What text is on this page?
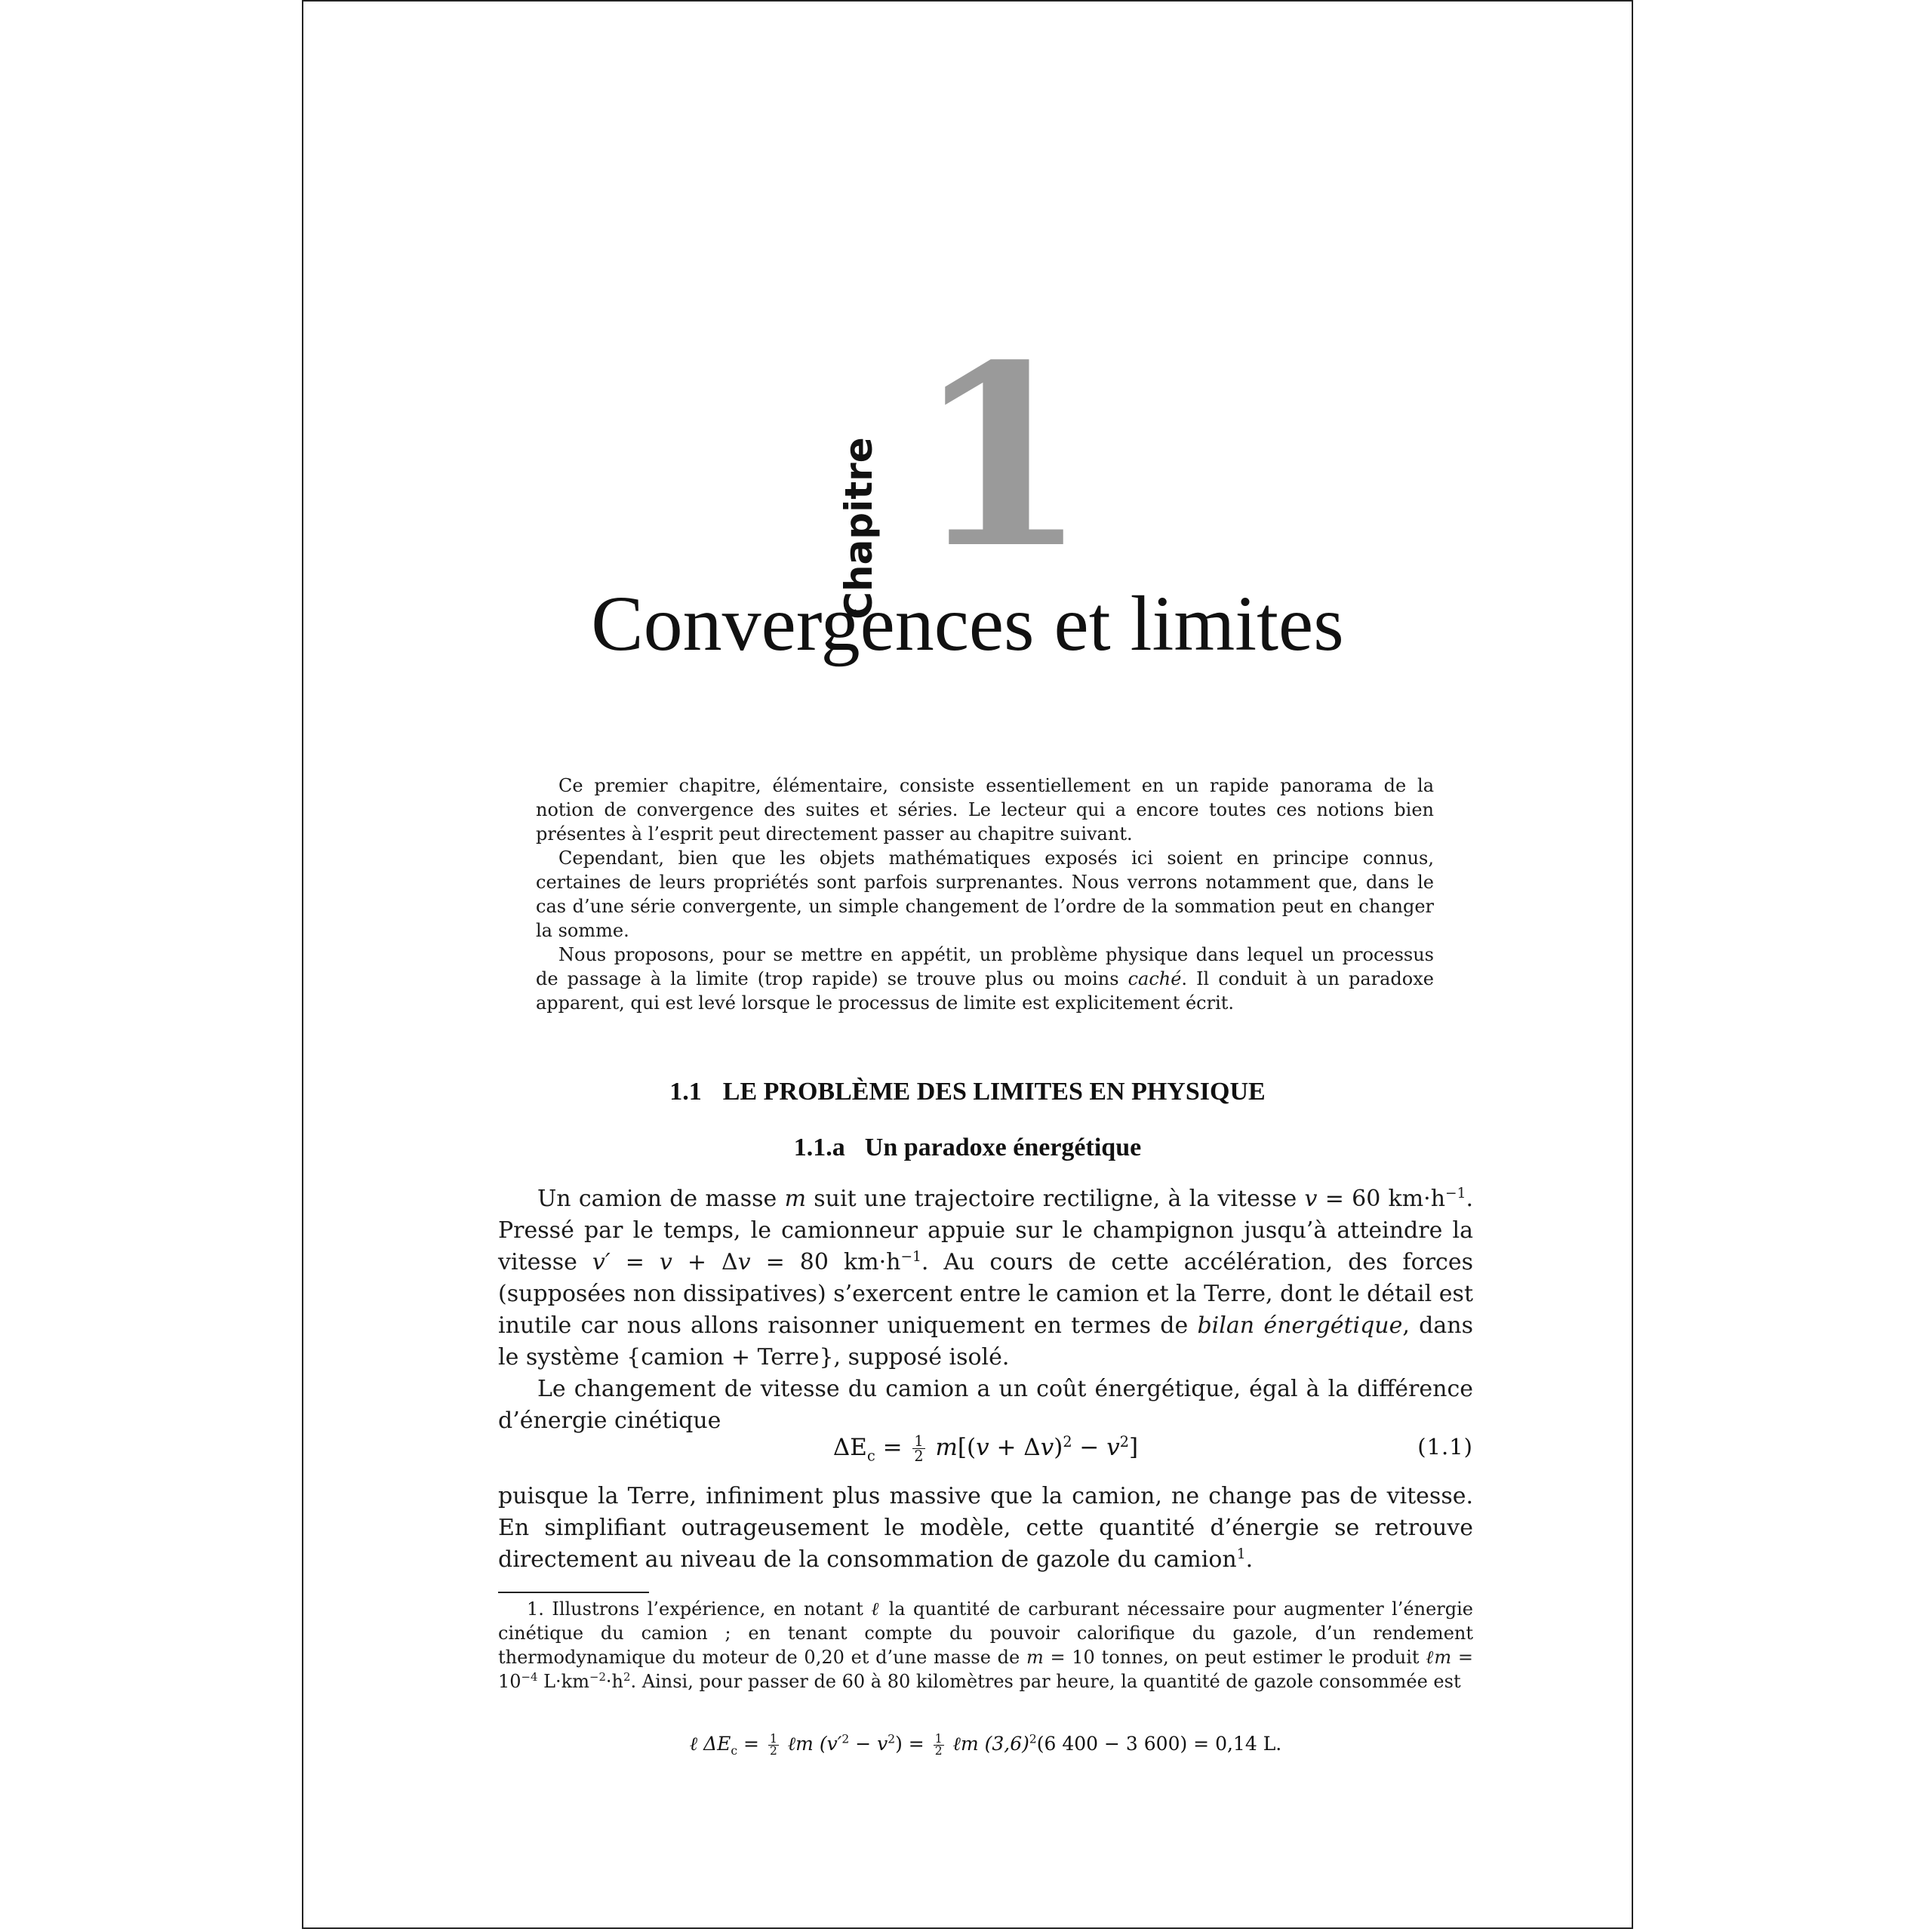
Chapitre 1
Convergences et limites

Ce premier chapitre, élémentaire, consiste essentiellement en un rapide panorama de la notion de convergence des suites et séries. Le lecteur qui a encore toutes ces notions bien présentes à l’esprit peut directement passer au chapitre suivant.

Cependant, bien que les objets mathématiques exposés ici soient en principe connus, certaines de leurs propriétés sont parfois surprenantes. Nous verrons notamment que, dans le cas d’une série convergente, un simple changement de l’ordre de la sommation peut en changer la somme.

Nous proposons, pour se mettre en appétit, un problème physique dans lequel un processus de passage à la limite (trop rapide) se trouve plus ou moins caché. Il conduit à un paradoxe apparent, qui est levé lorsque le processus de limite est explicitement écrit.

1.1 LE PROBLÈME DES LIMITES EN PHYSIQUE
1.1.a Un paradoxe énergétique

Un camion de masse m suit une trajectoire rectiligne, à la vitesse v = 60 $km\cdot h^{-1}$. Pressé par le temps, le camionneur appuie sur le champignon jusqu’à atteindre la vitesse v′ = v + Δv = 80 $km\cdot h^{-1}$. Au cours de cette accélération, des forces (supposées non dissipatives) s’exercent entre le camion et la Terre, dont le détail est inutile car nous allons raisonner uniquement en termes de bilan énergétique, dans le système {camion + Terre}, supposé isolé.

Le changement de vitesse du camion a un coût énergétique, égal à la différence d’énergie cinétique

$\Delta E_c = \frac{1}{2} m[(v + \Delta v)^2 - v^2]$	(1.1)

puisque la Terre, infiniment plus massive que la camion, ne change pas de vitesse. En simplifiant outrageusement le modèle, cette quantité d’énergie se retrouve directement au niveau de la consommation de gazole du camion$^1$.

1. Illustrons l’expérience, en notant ℓ la quantité de carburant nécessaire pour augmenter l’énergie cinétique du camion ; en tenant compte du pouvoir calorifique du gazole, d’un rendement thermodynamique du moteur de 0,20 et d’une masse de m = 10 tonnes, on peut estimer le produit ℓm = $10^{-4}$ $L\cdot km^{-2}\cdot h^2$. Ainsi, pour passer de 60 à 80 kilomètres par heure, la quantité de gazole consommée est

ℓ $\Delta E_c = \frac{1}{2}$ ℓm $(v'^2 - v^2) = \frac{1}{2}$ ℓm $(3,6)^2(6$ 400 − 3 600) = 0,14 L.
